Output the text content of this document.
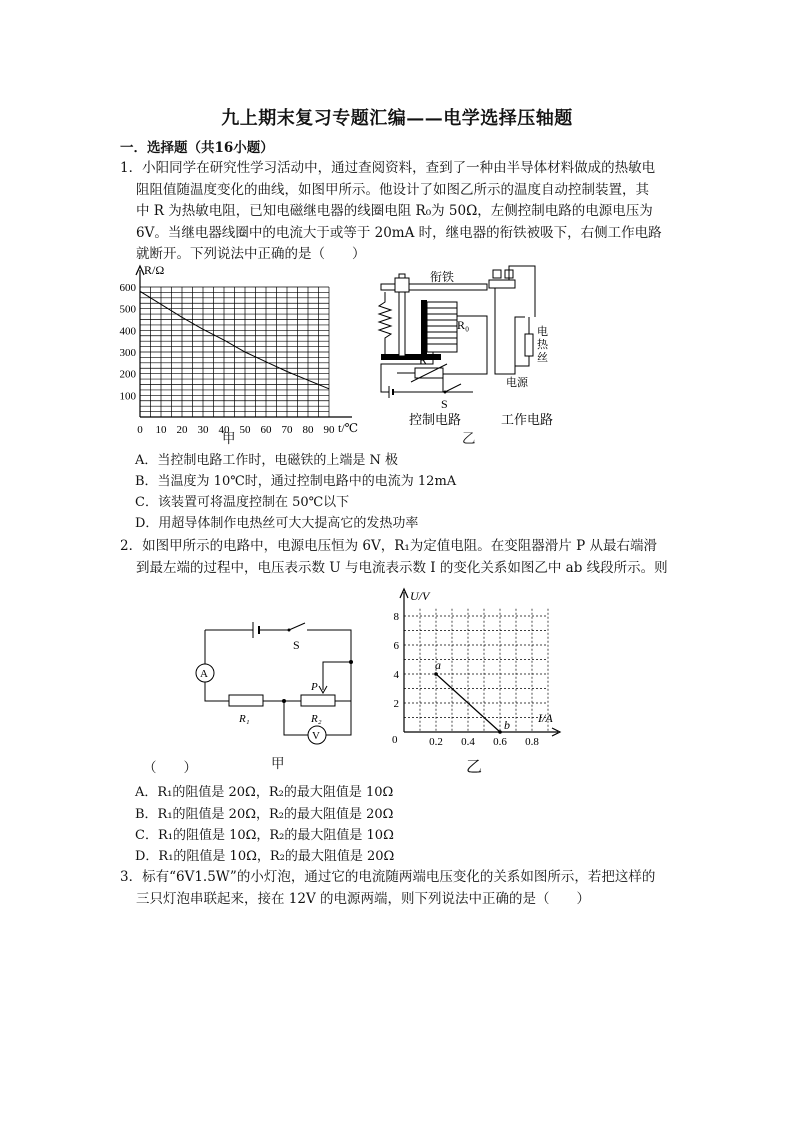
九上期末复习专题汇编——电学选择压轴题
一．选择题（共16小题）
1．小阳同学在研究性学习活动中，通过查阅资料，查到了一种由半导体材料做成的热敏电
阻阻值随温度变化的曲线，如图甲所示。他设计了如图乙所示的温度自动控制装置，其
中 R 为热敏电阻，已知电磁继电器的线圈电阻 R₀为 50Ω，左侧控制电路的电源电压为
6V。当继电器线圈中的电流大于或等于 20mA 时，继电器的衔铁被吸下，右侧工作电路
就断开。下列说法中正确的是（　　）
R/Ω
t/℃
0 10 20 30 40 50 60 70 80 90
100
200
300
400
500
600
甲
R₀
衔铁
电
热
丝
电源
R
S
控制电路	工作电路
乙
A．当控制电路工作时，电磁铁的上端是 N 极
B．当温度为 10℃时，通过控制电路中的电流为 12mA
C．该装置可将温度控制在 50℃以下
D．用超导体制作电热丝可大大提高它的发热功率
2．如图甲所示的电路中，电源电压恒为 6V，R₁为定值电阻。在变阻器滑片 P 从最右端滑
到最左端的过程中，电压表示数 U 与电流表示数 I 的变化关系如图乙中 ab 线段所示。则
S
A
R₁	R₂
P
V
甲
U/V
I/A
0	0.2 0.4 0.6 0.8
2
4
6
8
a
b
乙
（　　）
A．R₁的阻值是 20Ω，R₂的最大阻值是 10Ω
B．R₁的阻值是 20Ω，R₂的最大阻值是 20Ω
C．R₁的阻值是 10Ω，R₂的最大阻值是 10Ω
D．R₁的阻值是 10Ω，R₂的最大阻值是 20Ω
3．标有“6V1.5W”的小灯泡，通过它的电流随两端电压变化的关系如图所示，若把这样的
三只灯泡串联起来，接在 12V 的电源两端，则下列说法中正确的是（　　）
